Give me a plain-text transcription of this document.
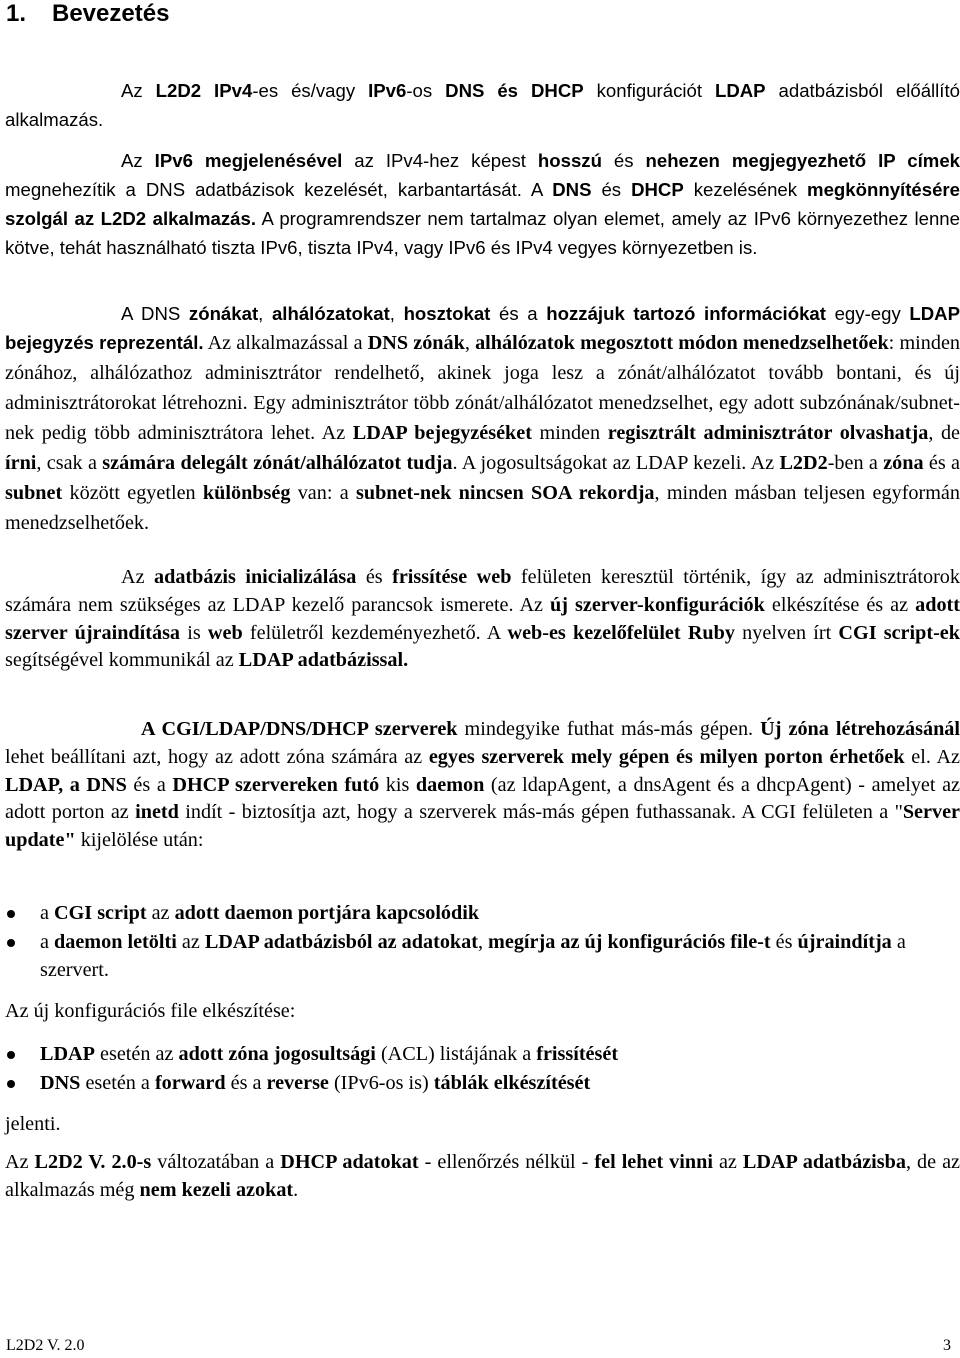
1. Bevezetés

Az L2D2 IPv4-es és/vagy IPv6-os DNS és DHCP konfigurációt LDAP adatbázisból előállító alkalmazás.

Az IPv6 megjelenésével az IPv4-hez képest hosszú és nehezen megjegyezhető IP címek megnehezítik a DNS adatbázisok kezelését, karbantartását. A DNS és DHCP kezelésének megkönnyítésére szolgál az L2D2 alkalmazás. A programrendszer nem tartalmaz olyan elemet, amely az IPv6 környezethez lenne kötve, tehát használható tiszta IPv6, tiszta IPv4, vagy IPv6 és IPv4 vegyes környezetben is.

A DNS zónákat, alhálózatokat, hosztokat és a hozzájuk tartozó információkat egy-egy LDAP bejegyzés reprezentál. Az alkalmazással a DNS zónák, alhálózatok megosztott módon menedzselhetőek: minden zónához, alhálózathoz adminisztrátor rendelhető, akinek joga lesz a zónát/alhálózatot tovább bontani, és új adminisztrátorokat létrehozni. Egy adminisztrátor több zónát/alhálózatot menedzselhet, egy adott subzónának/subnet-nek pedig több adminisztrátora lehet. Az LDAP bejegyzéséket minden regisztrált adminisztrátor olvashatja, de írni, csak a számára delegált zónát/alhálózatot tudja. A jogosultságokat az LDAP kezeli. Az L2D2-ben a zóna és a subnet között egyetlen különbség van: a subnet-nek nincsen SOA rekordja, minden másban teljesen egyformán menedzselhetőek.

Az adatbázis inicializálása és frissítése web felületen keresztül történik, így az adminisztrátorok számára nem szükséges az LDAP kezelő parancsok ismerete. Az új szerver-konfigurációk elkészítése és az adott szerver újraindítása is web felületről kezdeményezhető. A web-es kezelőfelület Ruby nyelven írt CGI script-ek segítségével kommunikál az LDAP adatbázissal.

A CGI/LDAP/DNS/DHCP szerverek mindegyike futhat más-más gépen. Új zóna létrehozásánál lehet beállítani azt, hogy az adott zóna számára az egyes szerverek mely gépen és milyen porton érhetőek el. Az LDAP, a DNS és a DHCP szervereken futó kis daemon (az ldapAgent, a dnsAgent és a dhcpAgent) - amelyet az adott porton az inetd indít - biztosítja azt, hogy a szerverek más-más gépen futhassanak. A CGI felületen a "Server update" kijelölése után:

a CGI script az adott daemon portjára kapcsolódik
a daemon letölti az LDAP adatbázisból az adatokat, megírja az új konfigurációs file-t és újraindítja a szervert.
Az új konfigurációs file elkészítése:
LDAP esetén az adott zóna jogosultsági (ACL) listájának a frissítését
DNS esetén a forward és a reverse (IPv6-os is) táblák elkészítését
jelenti.

Az L2D2 V. 2.0-s változatában a DHCP adatokat - ellenőrzés nélkül - fel lehet vinni az LDAP adatbázisba, de az alkalmazás még nem kezeli azokat.

L2D2 V. 2.0	3
